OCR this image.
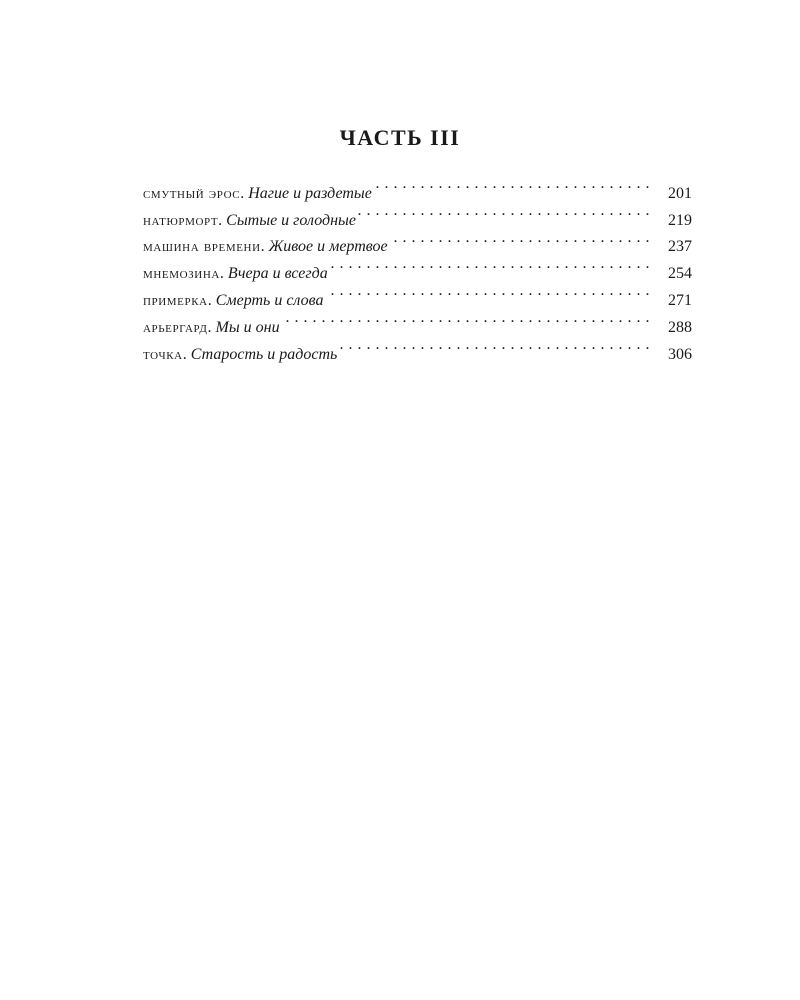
ЧАСТЬ III
смутный эрос . Нагие и раздетые . . .	201
натюрморт . Сытые и голодные . . .	219
машина времени . Живое и мертвое . . .	237
мнемозина . Вчера и всегда . . .	254
примерка . Смерть и слова . . .	271
арьергард . Мы и они . . .	288
точка . Старость и радость . . .	306
